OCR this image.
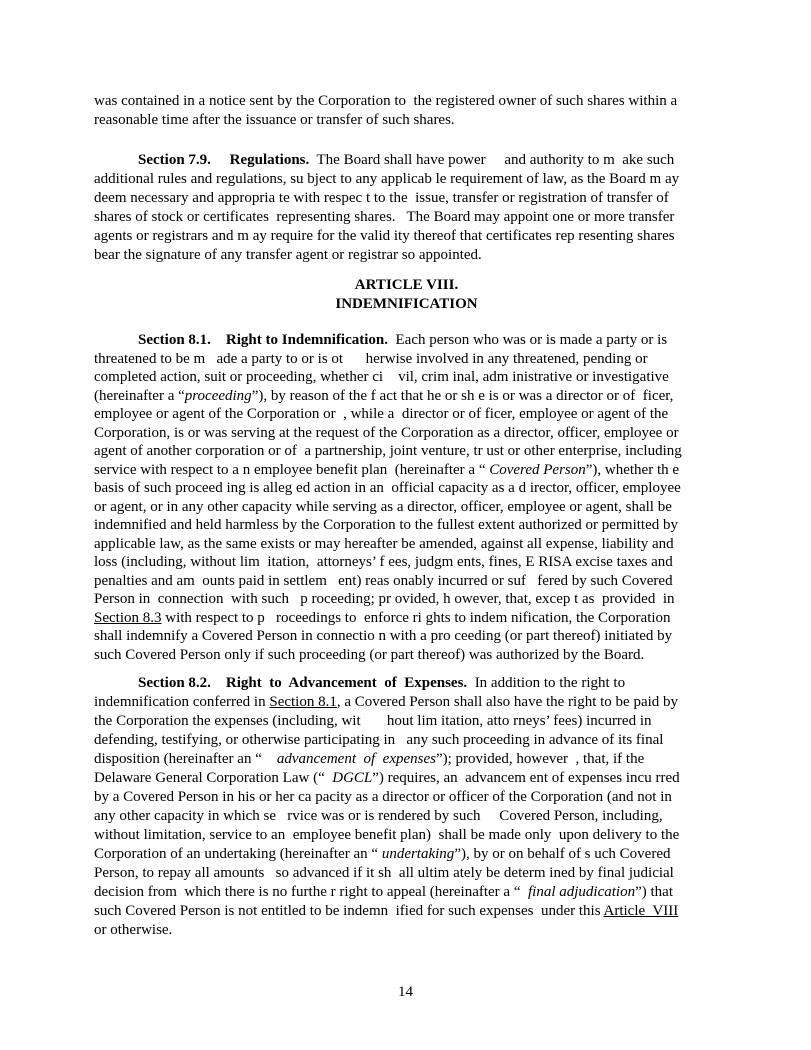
was contained in a notice sent by the Corporation to  the registered owner of such shares within a
reasonable time after the issuance or transfer of such shares.
Section 7.9. Regulations.  The Board shall have power     and authority to m  ake such
additional rules and regulations, su bject to any applicab le requirement of law, as the Board m ay
deem necessary and appropria te with respec t to the  issue, transfer or registration of transfer of
shares of stock or certificates  representing shares.   The Board may appoint one or more transfer
agents or registrars and m ay require for the valid ity thereof that certificates rep resenting shares
bear the signature of any transfer agent or registrar so appointed.
ARTICLE VIII.
INDEMNIFICATION
Section 8.1. Right to Indemnification.  Each person who was or is made a party or is
threatened to be m   ade a party to or is ot      herwise involved in any threatened, pending or
completed action, suit or proceeding, whether ci    vil, crim inal, adm inistrative or investigative
(hereinafter a “proceeding”), by reason of the f act that he or sh e is or was a director or of  ficer,
employee or agent of the Corporation or  , while a  director or of ficer, employee or agent of the
Corporation, is or was serving at the request of the Corporation as a director, officer, employee or
agent of another corporation or of  a partnership, joint venture, tr ust or other enterprise, including
service with respect to a n employee benefit plan  (hereinafter a “ Covered Person”), whether th e
basis of such proceed ing is alleg ed action in an  official capacity as a d irector, officer, employee
or agent, or in any other capacity while serving as a director, officer, employee or agent, shall be
indemnified and held harmless by the Corporation to the fullest extent authorized or permitted by
applicable law, as the same exists or may hereafter be amended, against all expense, liability and
loss (including, without lim  itation,  attorneys’ f ees, judgm ents, fines, E RISA excise taxes and
penalties and am  ounts paid in settlem   ent) reas onably incurred or suf   fered by such Covered
Person in  connection  with such   p roceeding; pr ovided, h owever, that, excep t as  provided  in
Section 8.3 with respect to p   roceedings to  enforce ri ghts to indem nification, the Corporation
shall indemnify a Covered Person in connectio n with a pro ceeding (or part thereof) initiated by
such Covered Person only if such proceeding (or part thereof) was authorized by the Board.
Section 8.2. Right  to  Advancement  of  Expenses.  In addition to the right to
indemnification conferred in Section 8.1, a Covered Person shall also have the right to be paid by
the Corporation the expenses (including, wit       hout lim itation, atto rneys’ fees) incurred in
defending, testifying, or otherwise participating in   any such proceeding in advance of its final
disposition (hereinafter an “    advancement  of  expenses”); provided, however  , that, if the
Delaware General Corporation Law (“  DGCL”) requires, an  advancem ent of expenses incu rred
by a Covered Person in his or her ca pacity as a director or officer of the Corporation (and not in
any other capacity in which se   rvice was or is rendered by such     Covered Person, including,
without limitation, service to an  employee benefit plan)  shall be made only  upon delivery to the
Corporation of an undertaking (hereinafter an “ undertaking”), by or on behalf of s uch Covered
Person, to repay all amounts   so advanced if it sh  all ultim ately be determ ined by final judicial
decision from  which there is no furthe r right to appeal (hereinafter a “  final adjudication”) that
such Covered Person is not entitled to be indemn  ified for such expenses  under this Article  VIII
or otherwise.
14
